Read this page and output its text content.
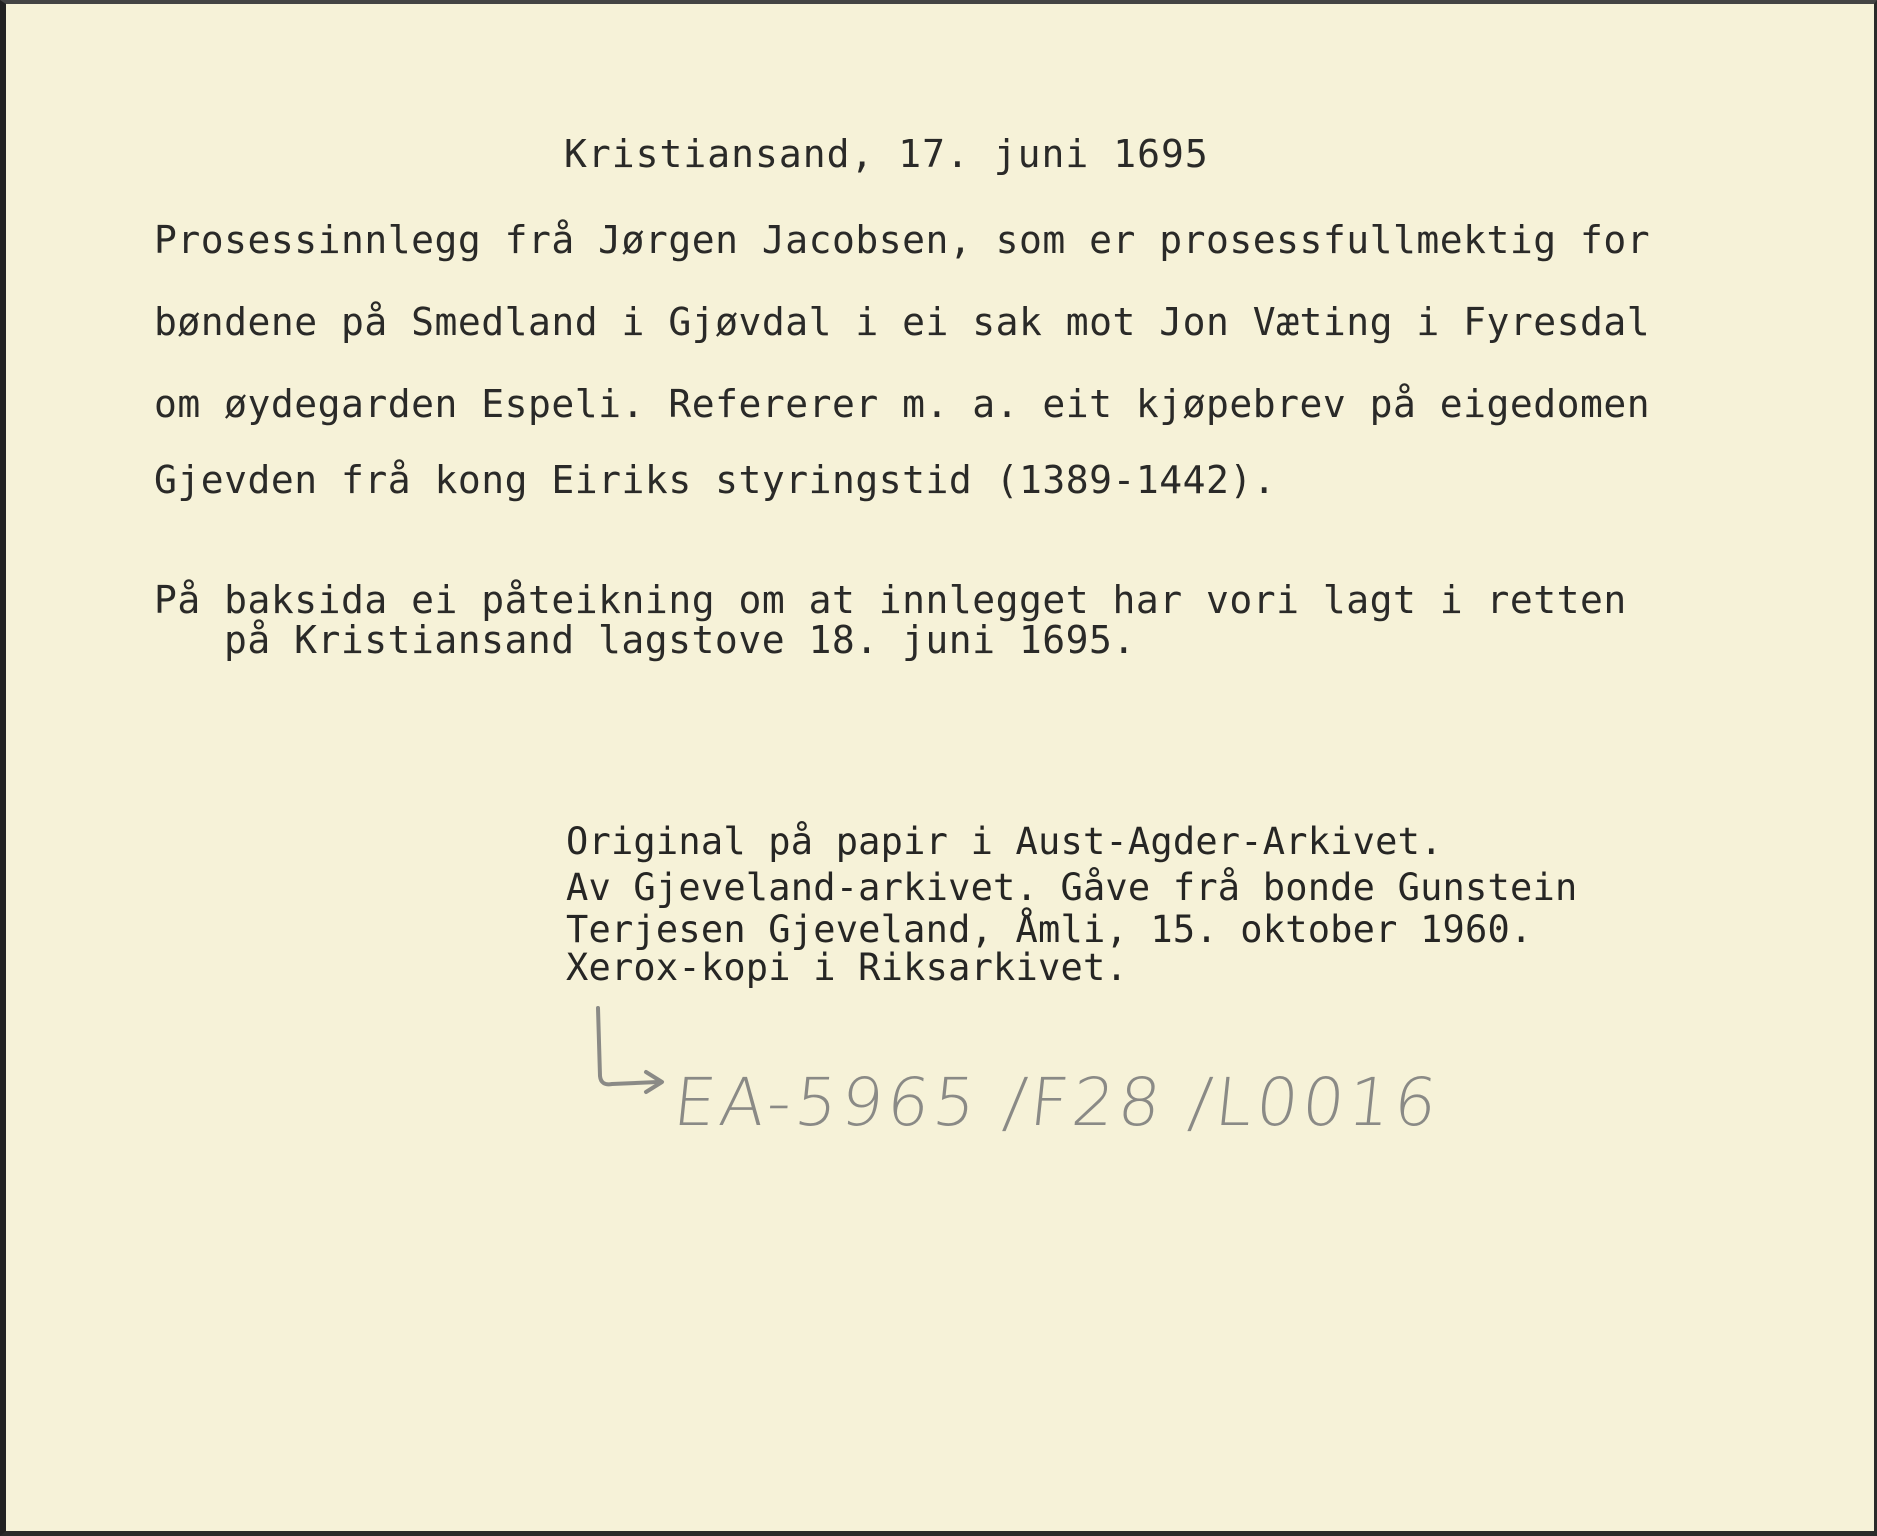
Kristiansand, 17. juni 1695
Prosessinnlegg frå Jørgen Jacobsen, som er prosessfullmektig for
bøndene på Smedland i Gjøvdal i ei sak mot Jon Væting i Fyresdal
om øydegarden Espeli. Refererer m. a. eit kjøpebrev på eigedomen
Gjevden frå kong Eiriks styringstid (1389-1442).
På baksida ei påteikning om at innlegget har vori lagt i retten
på Kristiansand lagstove 18. juni 1695.
Original på papir i Aust-Agder-Arkivet.
Av Gjeveland-arkivet. Gåve frå bonde Gunstein
Terjesen Gjeveland, Åmli, 15. oktober 1960.
Xerox-kopi i Riksarkivet.
EA-5965 /F28 /L0016
